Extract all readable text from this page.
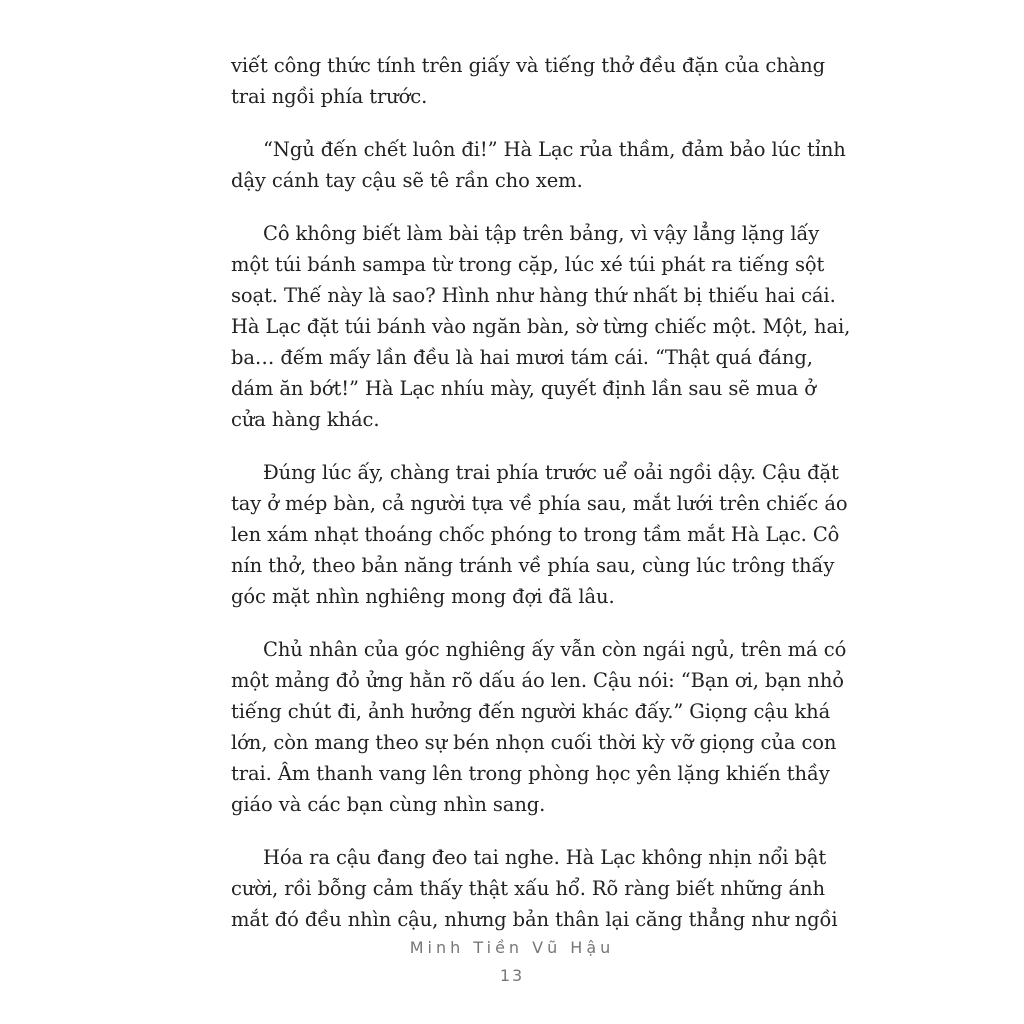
viết công thức tính trên giấy và tiếng thở đều đặn của chàng
trai ngồi phía trước.

“Ngủ đến chết luôn đi!” Hà Lạc rủa thầm, đảm bảo lúc tỉnh
dậy cánh tay cậu sẽ tê rần cho xem.

Cô không biết làm bài tập trên bảng, vì vậy lẳng lặng lấy
một túi bánh sampa từ trong cặp, lúc xé túi phát ra tiếng sột
soạt. Thế này là sao? Hình như hàng thứ nhất bị thiếu hai cái.
Hà Lạc đặt túi bánh vào ngăn bàn, sờ từng chiếc một. Một, hai,
ba… đếm mấy lần đều là hai mươi tám cái. “Thật quá đáng,
dám ăn bớt!” Hà Lạc nhíu mày, quyết định lần sau sẽ mua ở
cửa hàng khác.

Đúng lúc ấy, chàng trai phía trước uể oải ngồi dậy. Cậu đặt
tay ở mép bàn, cả người tựa về phía sau, mắt lưới trên chiếc áo
len xám nhạt thoáng chốc phóng to trong tầm mắt Hà Lạc. Cô
nín thở, theo bản năng tránh về phía sau, cùng lúc trông thấy
góc mặt nhìn nghiêng mong đợi đã lâu.

Chủ nhân của góc nghiêng ấy vẫn còn ngái ngủ, trên má có
một mảng đỏ ửng hằn rõ dấu áo len. Cậu nói: “Bạn ơi, bạn nhỏ
tiếng chút đi, ảnh hưởng đến người khác đấy.” Giọng cậu khá
lớn, còn mang theo sự bén nhọn cuối thời kỳ vỡ giọng của con
trai. Âm thanh vang lên trong phòng học yên lặng khiến thầy
giáo và các bạn cùng nhìn sang.

Hóa ra cậu đang đeo tai nghe. Hà Lạc không nhịn nổi bật
cười, rồi bỗng cảm thấy thật xấu hổ. Rõ ràng biết những ánh
mắt đó đều nhìn cậu, nhưng bản thân lại căng thẳng như ngồi

Minh Tiền Vũ Hậu
13
